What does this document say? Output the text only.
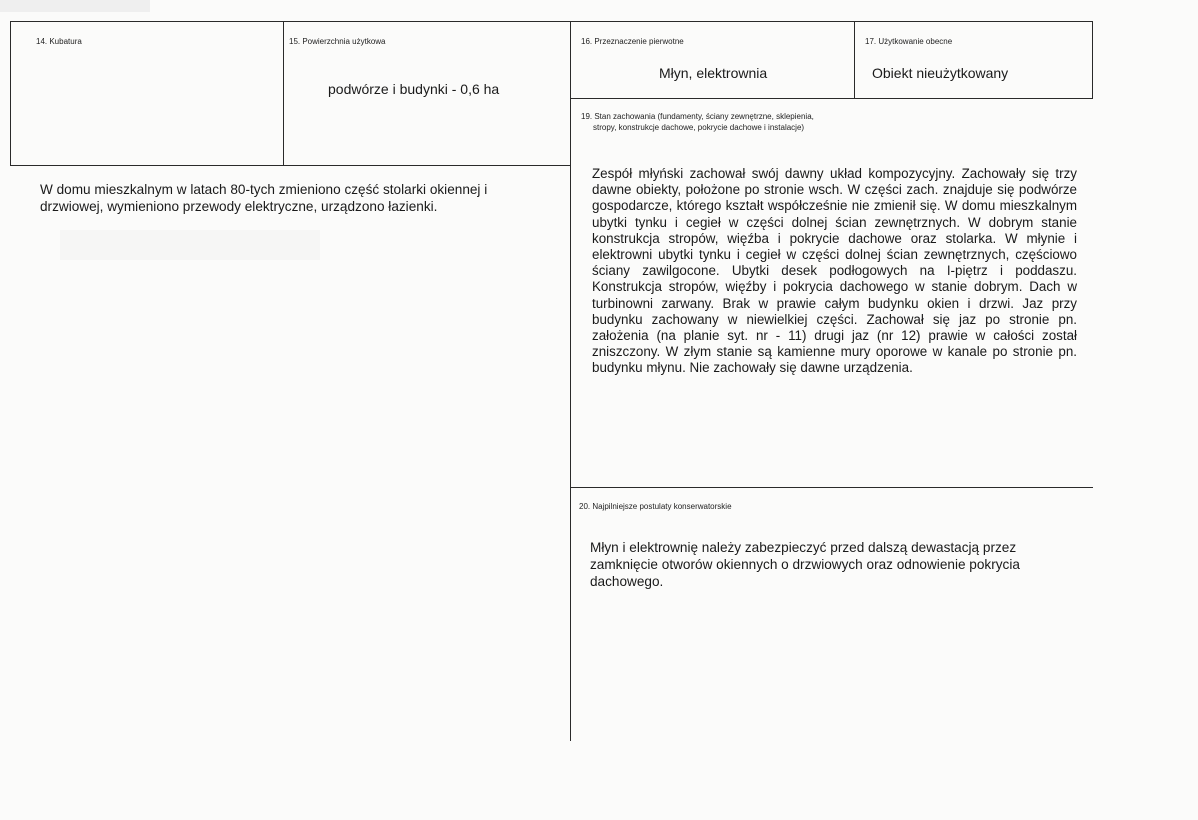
14. Kubatura	15. Powierzchnia użytkowa
podwórze i budynki - 0,6 ha
16. Przeznaczenie pierwotne
Młyn, elektrownia
17. Użytkowanie obecne
Obiekt nieużytkowany
19. Stan zachowania (fundamenty, ściany zewnętrzne, sklepienia,
stropy, konstrukcje dachowe, pokrycie dachowe i instalacje)
Zespół młyński zachował swój dawny układ kompozycyjny. Zachowały się trzy dawne obiekty, położone po stronie wsch. W części zach. znajduje się podwórze gospodarcze, którego kształt współcześnie nie zmienił się. W domu mieszkalnym ubytki tynku i cegieł w części dolnej ścian zewnętrznych. W dobrym stanie konstrukcja stropów, więźba i pokrycie dachowe oraz stolarka. W młynie i elektrowni ubytki tynku i cegieł w części dolnej ścian zewnętrznych, częściowo ściany zawilgocone. Ubytki desek podłogowych na I-piętrz i poddaszu. Konstrukcja stropów, więźby i pokrycia dachowego w stanie dobrym. Dach w turbinowni zarwany. Brak w prawie całym budynku okien i drzwi. Jaz przy budynku zachowany w niewielkiej części. Zachował się jaz po stronie pn. założenia (na planie syt. nr - 11) drugi jaz (nr 12) prawie w całości został zniszczony. W złym stanie są kamienne mury oporowe w kanale po stronie pn. budynku młynu. Nie zachowały się dawne urządzenia.
W domu mieszkalnym w latach 80-tych zmieniono część stolarki okiennej i drzwiowej, wymieniono przewody elektryczne, urządzono łazienki.
20. Najpilniejsze postulaty konserwatorskie
Młyn i elektrownię należy zabezpieczyć przed dalszą dewastacją przez zamknięcie otworów okiennych o drzwiowych oraz odnowienie pokrycia dachowego.
